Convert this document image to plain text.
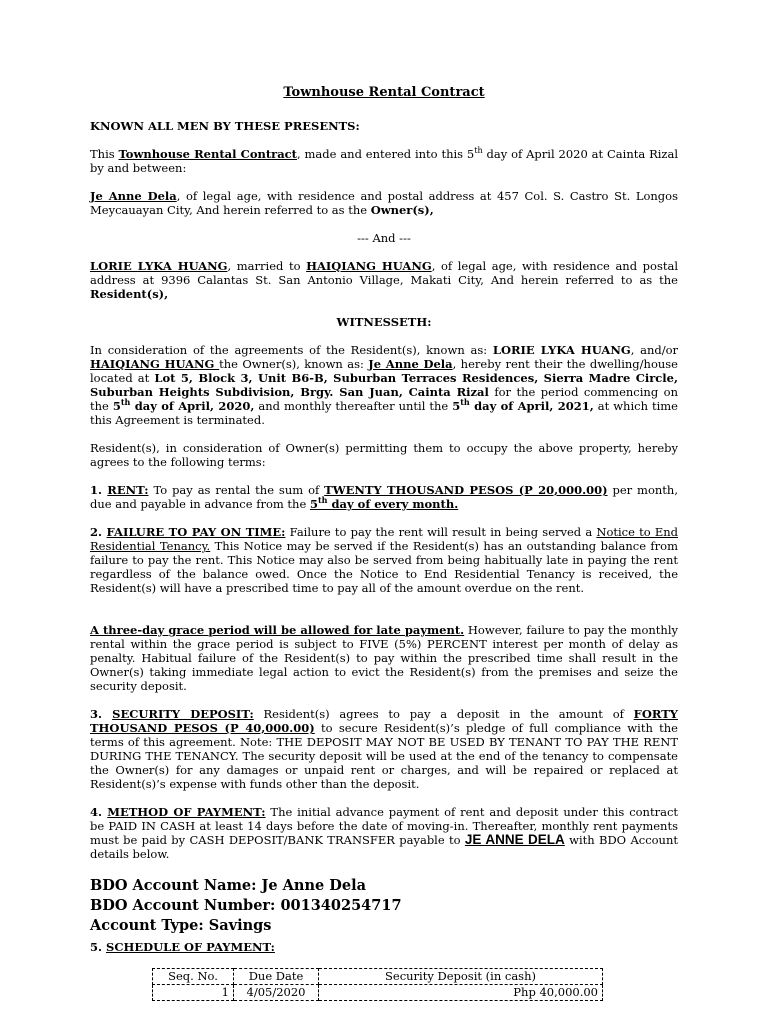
Townhouse Rental Contract
KNOWN ALL MEN BY THESE PRESENTS:
This Townhouse Rental Contract, made and entered into this 5th day of April 2020 at Cainta Rizal by and between:
Je Anne Dela, of legal age, with residence and postal address at 457 Col. S. Castro St. Longos Meycauayan City, And herein referred to as the Owner(s),
--- And ---
LORIE LYKA HUANG, married to HAIQIANG HUANG, of legal age, with residence and postal address at 9396 Calantas St. San Antonio Village, Makati City, And herein referred to as the Resident(s),
WITNESSETH:
In consideration of the agreements of the Resident(s), known as: LORIE LYKA HUANG, and/or HAIQIANG HUANG the Owner(s), known as: Je Anne Dela, hereby rent their the dwelling/house located at Lot 5, Block 3, Unit B6-B, Suburban Terraces Residences, Sierra Madre Circle, Suburban Heights Subdivision, Brgy. San Juan, Cainta Rizal for the period commencing on the 5th day of April, 2020, and monthly thereafter until the 5th day of April, 2021, at which time this Agreement is terminated.
Resident(s), in consideration of Owner(s) permitting them to occupy the above property, hereby agrees to the following terms:
1. RENT: To pay as rental the sum of TWENTY THOUSAND PESOS (P 20,000.00) per month, due and payable in advance from the 5th day of every month.
2. FAILURE TO PAY ON TIME: Failure to pay the rent will result in being served a Notice to End Residential Tenancy. This Notice may be served if the Resident(s) has an outstanding balance from failure to pay the rent. This Notice may also be served from being habitually late in paying the rent regardless of the balance owed. Once the Notice to End Residential Tenancy is received, the Resident(s) will have a prescribed time to pay all of the amount overdue on the rent.
A three-day grace period will be allowed for late payment. However, failure to pay the monthly rental within the grace period is subject to FIVE (5%) PERCENT interest per month of delay as penalty. Habitual failure of the Resident(s) to pay within the prescribed time shall result in the Owner(s) taking immediate legal action to evict the Resident(s) from the premises and seize the security deposit.
3. SECURITY DEPOSIT: Resident(s) agrees to pay a deposit in the amount of FORTY THOUSAND PESOS (P 40,000.00) to secure Resident(s)’s pledge of full compliance with the terms of this agreement. Note: THE DEPOSIT MAY NOT BE USED BY TENANT TO PAY THE RENT DURING THE TENANCY. The security deposit will be used at the end of the tenancy to compensate the Owner(s) for any damages or unpaid rent or charges, and will be repaired or replaced at Resident(s)’s expense with funds other than the deposit.
4. METHOD OF PAYMENT: The initial advance payment of rent and deposit under this contract be PAID IN CASH at least 14 days before the date of moving-in. Thereafter, monthly rent payments must be paid by CASH DEPOSIT/BANK TRANSFER payable to JE ANNE DELA with BDO Account details below.
BDO Account Name: Je Anne Dela
BDO Account Number: 001340254717
Account Type: Savings
5. SCHEDULE OF PAYMENT:
Seq. No.	Due Date	Security Deposit (in cash)
1	4/05/2020	Php 40,000.00
